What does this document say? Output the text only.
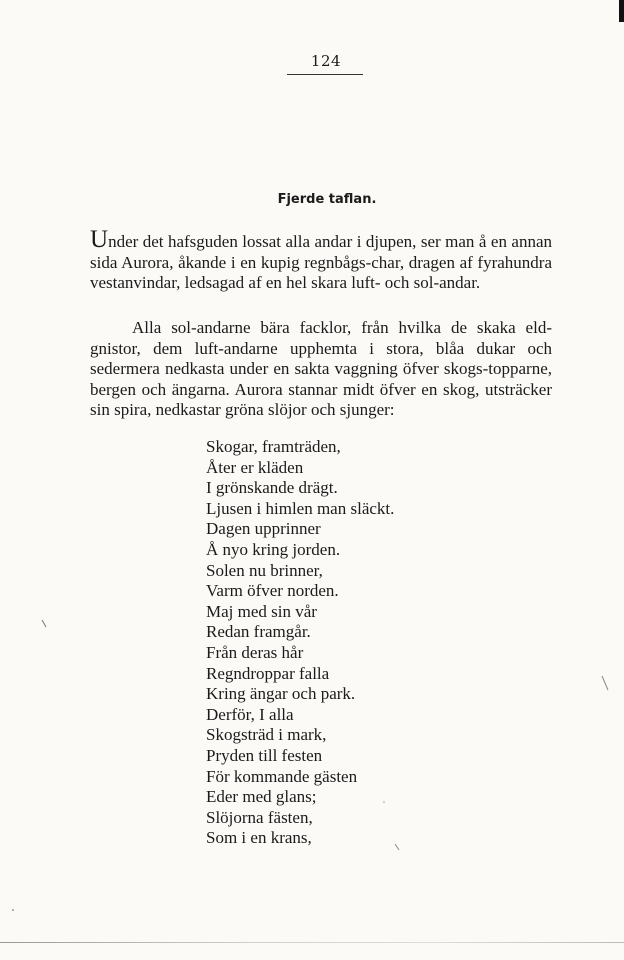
124
Fjerde taflan.

Under det hafsguden lossat alla andar i djupen, ser man å en annan sida Aurora, åkande i en kupig regnbågs-char, dragen af fyrahundra vestanvindar, ledsagad af en hel skara luft- och sol-andar.

Alla sol-andarne bära facklor, från hvilka de skaka eld-gnistor, dem luft-andarne upphemta i stora, blåa dukar och sedermera nedkasta under en sakta vaggning öfver skogs-topparne, bergen och ängarna. Aurora stannar midt öfver en skog, utsträcker sin spira, nedkastar gröna slöjor och sjunger:

Skogar, framträden,
Åter er kläden
I grönskande drägt.
Ljusen i himlen man släckt.
Dagen upprinner
Å nyo kring jorden.
Solen nu brinner,
Varm öfver norden.
Maj med sin vår
Redan framgår.
Från deras hår
Regndroppar falla
Kring ängar och park.
Derför, I alla
Skogsträd i mark,
Pryden till festen
För kommande gästen
Eder med glans;
Slöjorna fästen,
Som i en krans,
